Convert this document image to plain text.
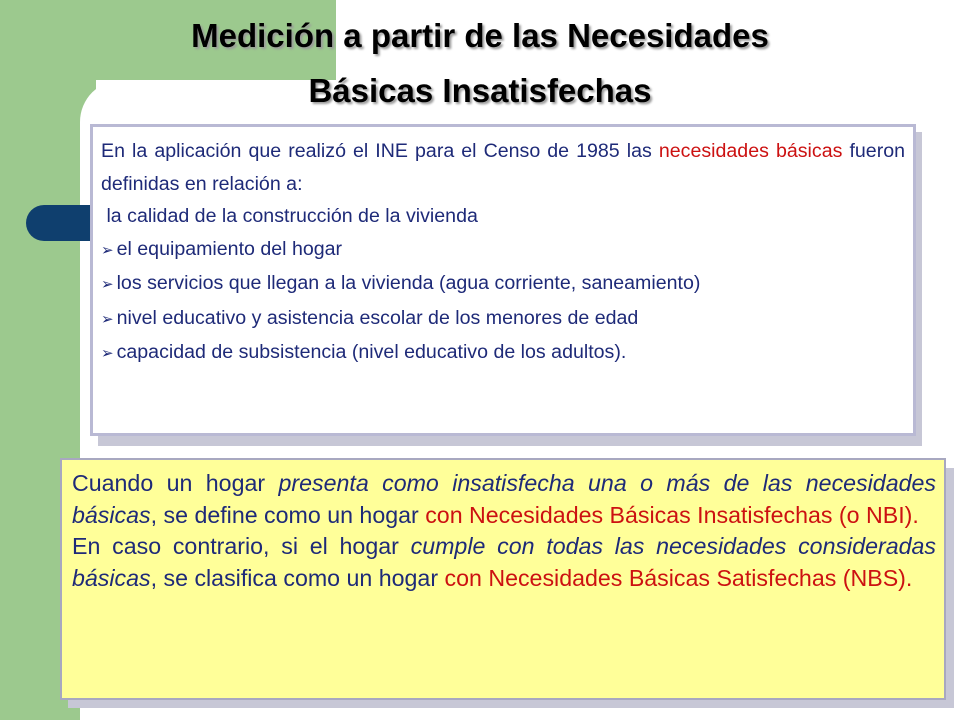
Medición a partir de las Necesidades
Básicas Insatisfechas

En la aplicación que realizó el INE para el Censo de 1985 las necesidades básicas fueron definidas en relación a:

la calidad de la construcción de la vivienda

➢ el equipamiento del hogar

➢ los servicios que llegan a la vivienda (agua corriente, saneamiento)

➢ nivel educativo y asistencia escolar de los menores de edad

➢ capacidad de subsistencia (nivel educativo de los adultos).

Cuando un hogar presenta como insatisfecha una o más de las necesidades básicas, se define como un hogar con Necesidades Básicas Insatisfechas (o NBI).

En caso contrario, si el hogar cumple con todas las necesidades consideradas básicas, se clasifica como un hogar con Necesidades Básicas Satisfechas (NBS).
